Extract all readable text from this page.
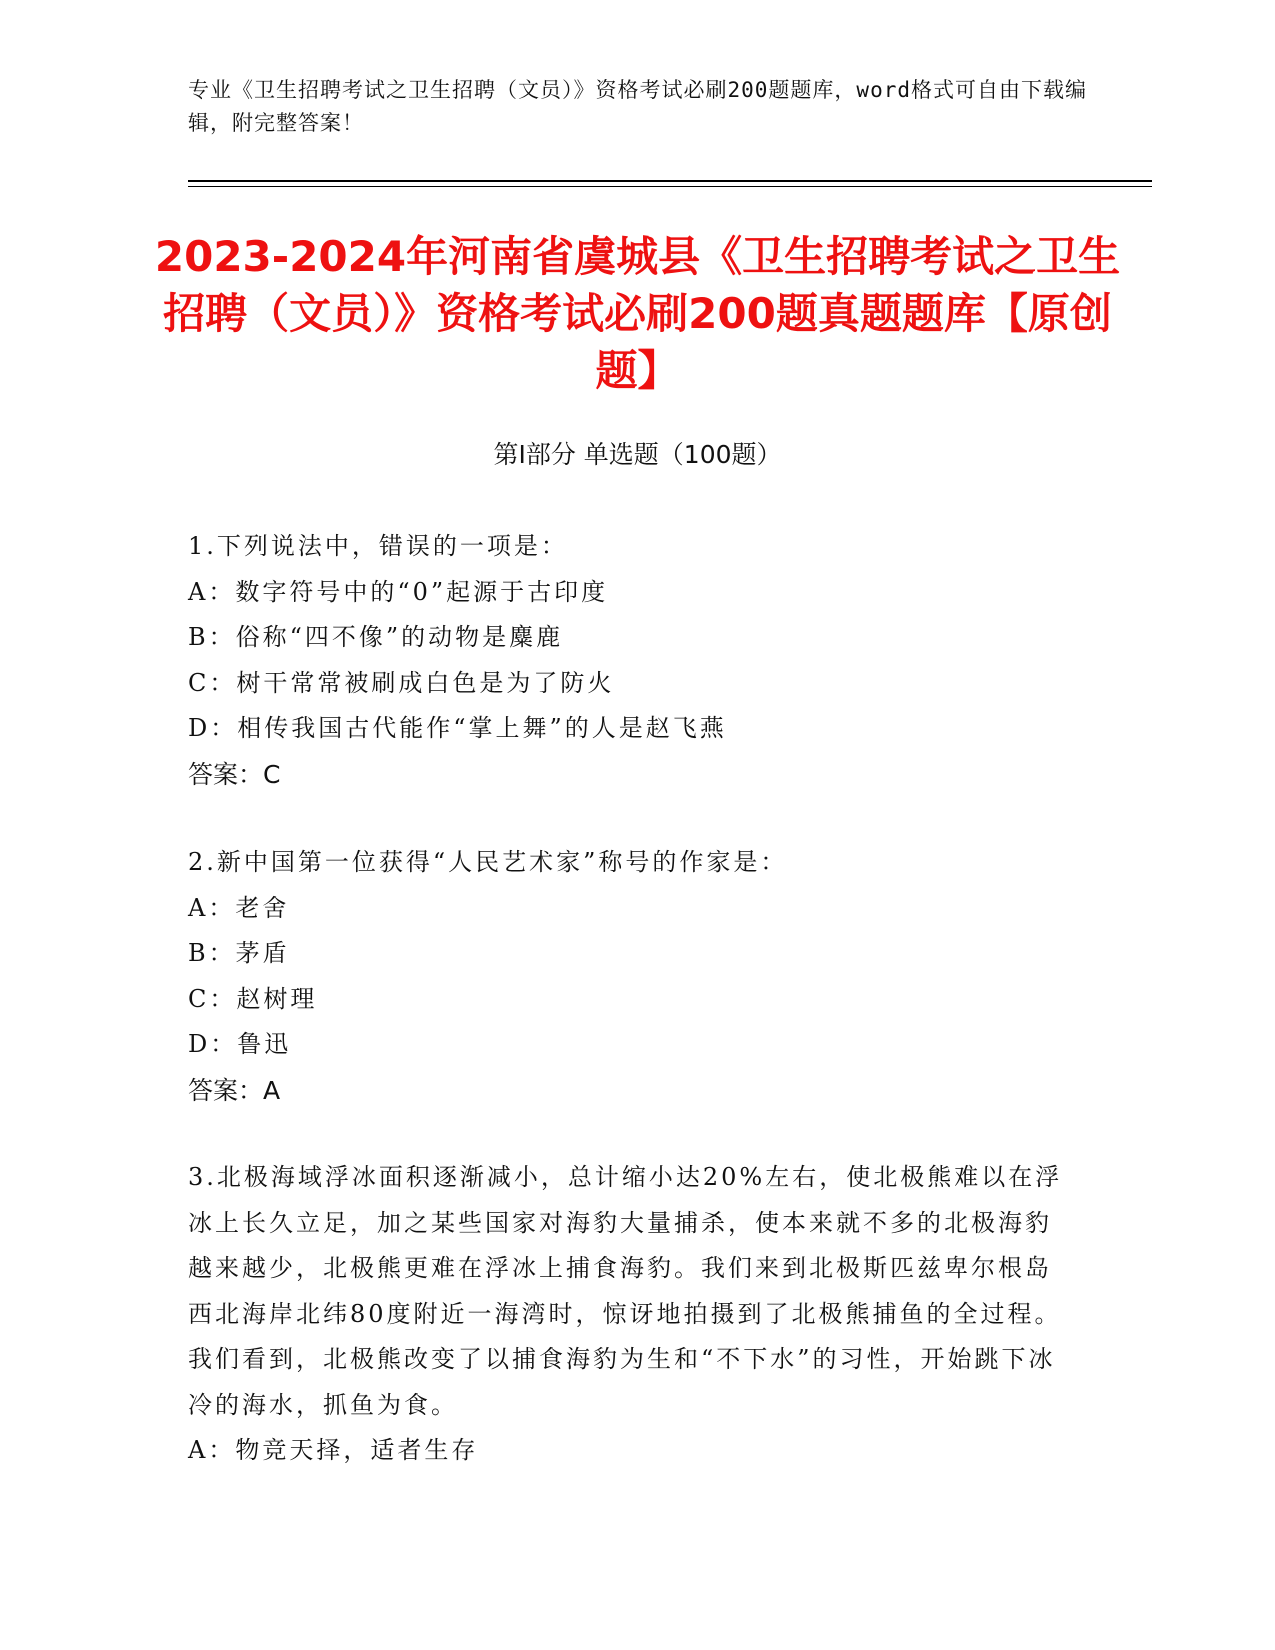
专业《卫生招聘考试之卫生招聘（文员）》资格考试必刷200题题库，word格式可自由下载编辑，附完整答案！
2023-2024年河南省虞城县《卫生招聘考试之卫生招聘（文员）》资格考试必刷200题真题题库【原创题】
第Ⅰ部分 单选题（100题）
1.下列说法中，错误的一项是：
A：数字符号中的“0”起源于古印度
B：俗称“四不像”的动物是麋鹿
C：树干常常被刷成白色是为了防火
D：相传我国古代能作“掌上舞”的人是赵飞燕
答案：C
2.新中国第一位获得“人民艺术家”称号的作家是：
A：老舍
B：茅盾
C：赵树理
D：鲁迅
答案：A
3.北极海域浮冰面积逐渐减小，总计缩小达20%左右，使北极熊难以在浮冰上长久立足，加之某些国家对海豹大量捕杀，使本来就不多的北极海豹越来越少，北极熊更难在浮冰上捕食海豹。我们来到北极斯匹兹卑尔根岛西北海岸北纬80度附近一海湾时，惊讶地拍摄到了北极熊捕鱼的全过程。我们看到，北极熊改变了以捕食海豹为生和“不下水”的习性，开始跳下冰冷的海水，抓鱼为食。
A：物竞天择，适者生存
